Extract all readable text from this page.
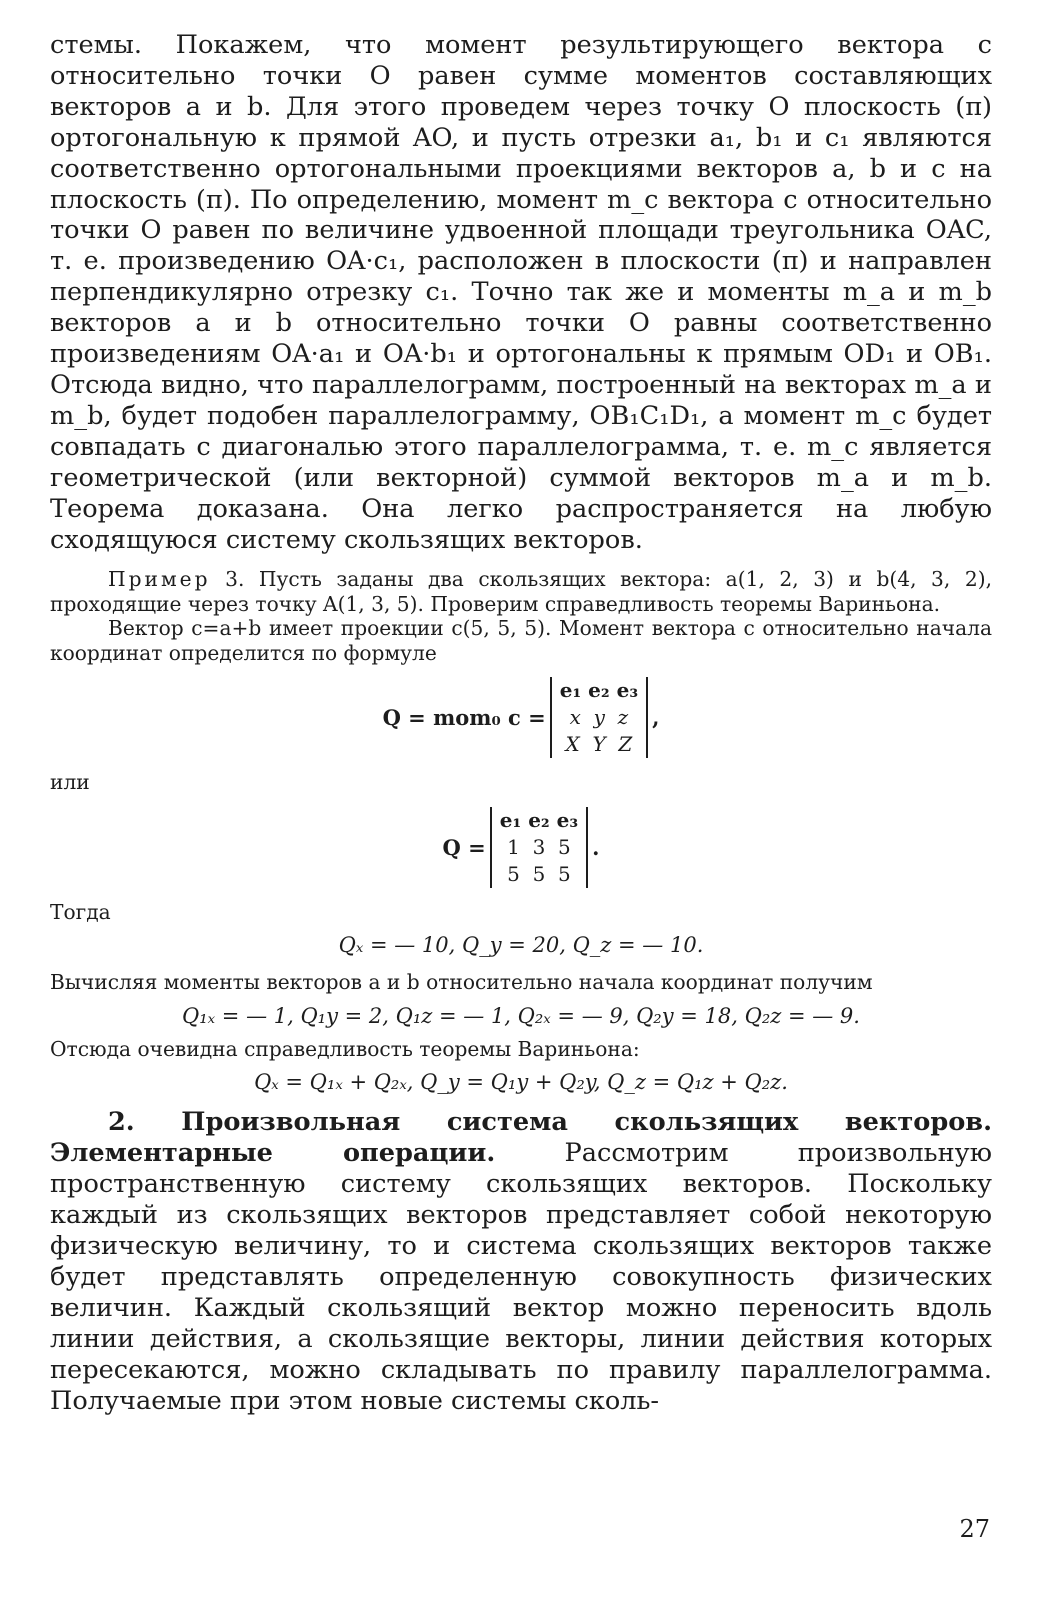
стемы. Покажем, что момент результирующего вектора с относительно точки O равен сумме моментов составляющих векторов a и b. Для этого проведем через точку O плоскость (π) ортогональную к прямой AO, и пусть отрезки a₁, b₁ и c₁ являются соответственно ортогональными проекциями векторов a, b и c на плоскость (π). По определению, момент m_c вектора c относительно точки O равен по величине удвоенной площади треугольника OAC, т. е. произведению OA·c₁, расположен в плоскости (π) и направлен перпендикулярно отрезку c₁. Точно так же и моменты m_a и m_b векторов a и b относительно точки O равны соответственно произведениям OA·a₁ и OA·b₁ и ортогональны к прямым OD₁ и OB₁. Отсюда видно, что параллелограмм, построенный на векторах m_a и m_b, будет подобен параллелограмму, OB₁C₁D₁, а момент m_c будет совпадать с диагональю этого параллелограмма, т. е. m_c является геометрической (или векторной) суммой векторов m_a и m_b. Теорема доказана. Она легко распространяется на любую сходящуюся систему скользящих векторов.

Пример 3. Пусть заданы два скользящих вектора: a(1, 2, 3) и b(4, 3, 2), проходящие через точку A(1, 3, 5). Проверим справедливость теоремы Вариньона.

Вектор c=a+b имеет проекции c(5, 5, 5). Момент вектора c относительно начала координат определится по формуле

Q = mom₀ c =
e₁ e₂ e₃
x  y  z
X  Y  Z
,

или

Q =
e₁ e₂ e₃
1  3  5
5  5  5
.

Тогда

Qₓ = — 10, Q_y = 20, Q_z = — 10.

Вычисляя моменты векторов a и b относительно начала координат получим

Q₁ₓ = — 1, Q₁y = 2, Q₁z = — 1, Q₂ₓ = — 9, Q₂y = 18, Q₂z = — 9.

Отсюда очевидна справедливость теоремы Вариньона:

Qₓ = Q₁ₓ + Q₂ₓ, Q_y = Q₁y + Q₂y, Q_z = Q₁z + Q₂z.

2. Произвольная система скользящих векторов. Элементарные операции.	Рассмотрим произвольную пространственную систему скользящих векторов. Поскольку каждый из скользящих векторов представляет собой некоторую физическую величину, то и система скользящих векторов также будет представлять определенную совокупность физических величин. Каждый скользящий вектор можно переносить вдоль линии действия, а скользящие векторы, линии действия которых пересекаются, можно складывать по правилу параллелограмма. Получаемые при этом новые системы сколь-

27
